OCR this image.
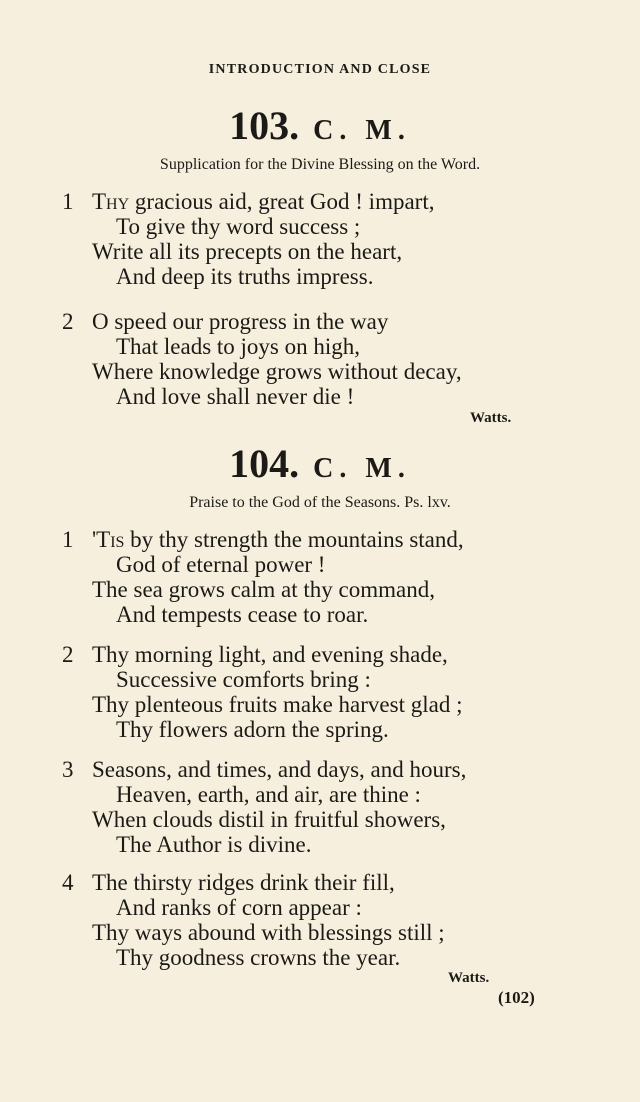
INTRODUCTION AND CLOSE
103. C. M.
Supplication for the Divine Blessing on the Word.
1 Thy gracious aid, great God ! impart,
To give thy word success ;
Write all its precepts on the heart,
And deep its truths impress.
2 O speed our progress in the way
That leads to joys on high,
Where knowledge grows without decay,
And love shall never die !
Watts.
104. C. M.
Praise to the God of the Seasons. Ps. lxv.
1 'Tis by thy strength the mountains stand,
God of eternal power !
The sea grows calm at thy command,
And tempests cease to roar.
2 Thy morning light, and evening shade,
Successive comforts bring :
Thy plenteous fruits make harvest glad ;
Thy flowers adorn the spring.
3 Seasons, and times, and days, and hours,
Heaven, earth, and air, are thine :
When clouds distil in fruitful showers,
The Author is divine.
4 The thirsty ridges drink their fill,
And ranks of corn appear :
Thy ways abound with blessings still ;
Thy goodness crowns the year.
Watts.
(102)
